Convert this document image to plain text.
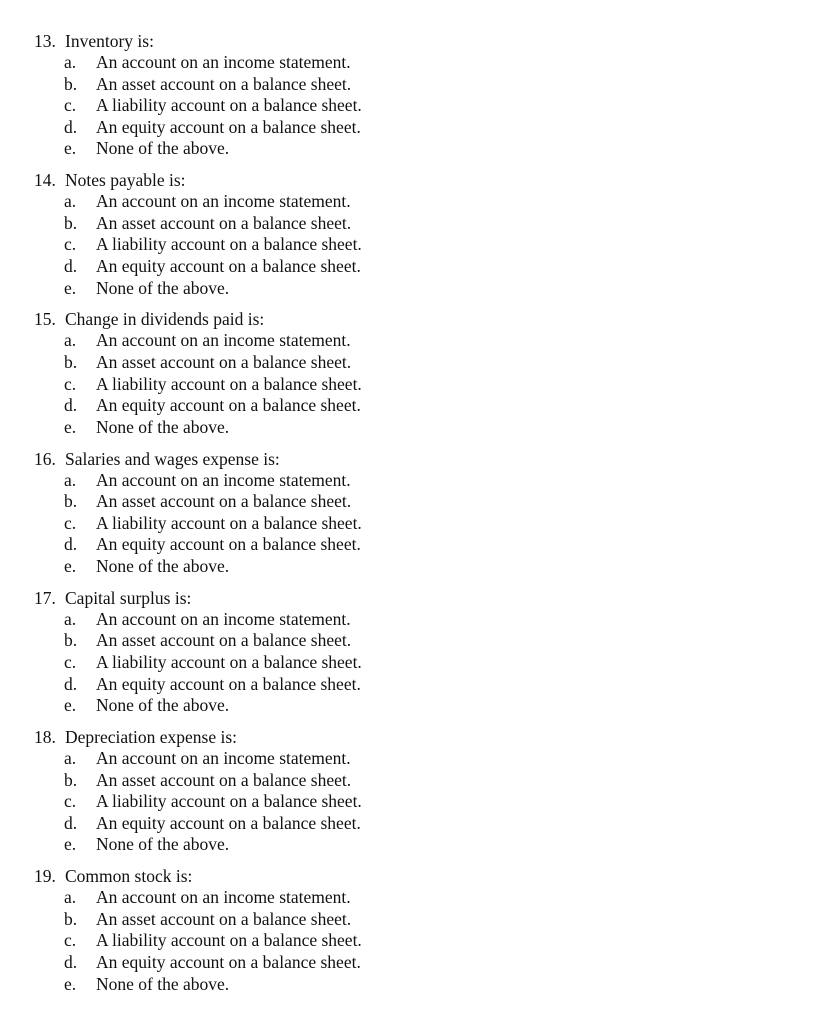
13. Inventory is:
a. An account on an income statement.
b. An asset account on a balance sheet.
c. A liability account on a balance sheet.
d. An equity account on a balance sheet.
e. None of the above.
14. Notes payable is:
a. An account on an income statement.
b. An asset account on a balance sheet.
c. A liability account on a balance sheet.
d. An equity account on a balance sheet.
e. None of the above.
15. Change in dividends paid is:
a. An account on an income statement.
b. An asset account on a balance sheet.
c. A liability account on a balance sheet.
d. An equity account on a balance sheet.
e. None of the above.
16. Salaries and wages expense is:
a. An account on an income statement.
b. An asset account on a balance sheet.
c. A liability account on a balance sheet.
d. An equity account on a balance sheet.
e. None of the above.
17. Capital surplus is:
a. An account on an income statement.
b. An asset account on a balance sheet.
c. A liability account on a balance sheet.
d. An equity account on a balance sheet.
e. None of the above.
18. Depreciation expense is:
a. An account on an income statement.
b. An asset account on a balance sheet.
c. A liability account on a balance sheet.
d. An equity account on a balance sheet.
e. None of the above.
19. Common stock is:
a. An account on an income statement.
b. An asset account on a balance sheet.
c. A liability account on a balance sheet.
d. An equity account on a balance sheet.
e. None of the above.
